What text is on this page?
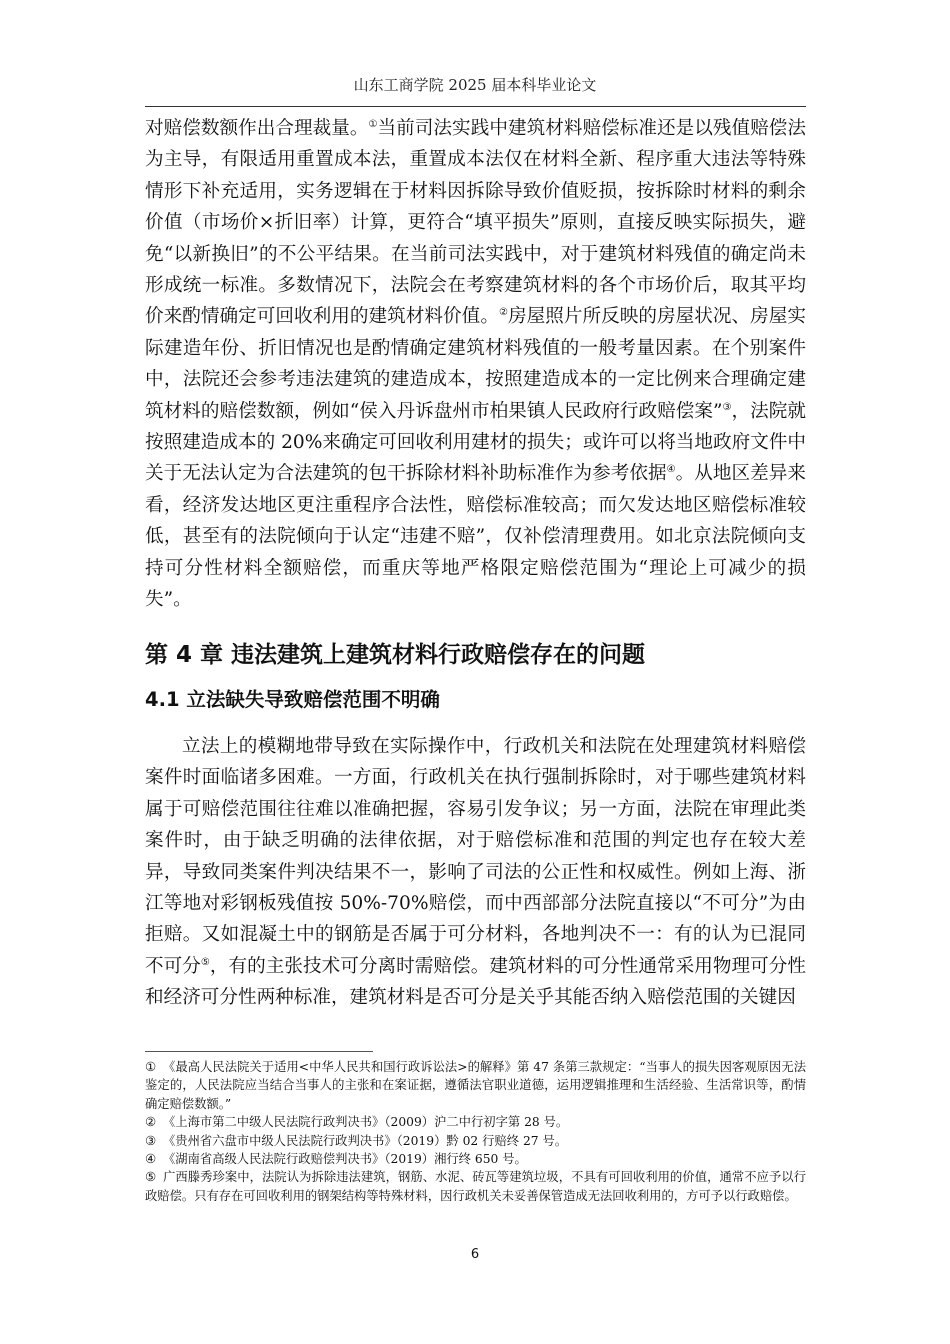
山东工商学院 2025 届本科毕业论文
对赔偿数额作出合理裁量。①当前司法实践中建筑材料赔偿标准还是以残值赔偿法为主导，有限适用重置成本法，重置成本法仅在材料全新、程序重大违法等特殊情形下补充适用，实务逻辑在于材料因拆除导致价值贬损，按拆除时材料的剩余价值（市场价×折旧率）计算，更符合“填平损失”原则，直接反映实际损失，避免“以新换旧”的不公平结果。在当前司法实践中，对于建筑材料残值的确定尚未形成统一标准。多数情况下，法院会在考察建筑材料的各个市场价后，取其平均价来酌情确定可回收利用的建筑材料价值。②房屋照片所反映的房屋状况、房屋实际建造年份、折旧情况也是酌情确定建筑材料残值的一般考量因素。在个别案件中，法院还会参考违法建筑的建造成本，按照建造成本的一定比例来合理确定建筑材料的赔偿数额，例如“侯入丹诉盘州市柏果镇人民政府行政赔偿案”③，法院就按照建造成本的 20%来确定可回收利用建材的损失；或许可以将当地政府文件中关于无法认定为合法建筑的包干拆除材料补助标准作为参考依据④。从地区差异来看，经济发达地区更注重程序合法性，赔偿标准较高；而欠发达地区赔偿标准较低，甚至有的法院倾向于认定“违建不赔”，仅补偿清理费用。如北京法院倾向支持可分性材料全额赔偿，而重庆等地严格限定赔偿范围为“理论上可减少的损失”。
第 4 章 违法建筑上建筑材料行政赔偿存在的问题
4.1 立法缺失导致赔偿范围不明确
立法上的模糊地带导致在实际操作中，行政机关和法院在处理建筑材料赔偿案件时面临诸多困难。一方面，行政机关在执行强制拆除时，对于哪些建筑材料属于可赔偿范围往往难以准确把握，容易引发争议；另一方面，法院在审理此类案件时，由于缺乏明确的法律依据，对于赔偿标准和范围的判定也存在较大差异，导致同类案件判决结果不一，影响了司法的公正性和权威性。例如上海、浙江等地对彩钢板残值按 50%-70%赔偿，而中西部部分法院直接以“不可分”为由拒赔。又如混凝土中的钢筋是否属于可分材料，各地判决不一：有的认为已混同不可分⑤，有的主张技术可分离时需赔偿。建筑材料的可分性通常采用物理可分性和经济可分性两种标准，建筑材料是否可分是关乎其能否纳入赔偿范围的关键因

① 《最高人民法院关于适用<中华人民共和国行政诉讼法>的解释》第 47 条第三款规定：“当事人的损失因客观原因无法鉴定的，人民法院应当结合当事人的主张和在案证据，遵循法官职业道德，运用逻辑推理和生活经验、生活常识等，酌情确定赔偿数额。”

② 《上海市第二中级人民法院行政判决书》（2009）沪二中行初字第 28 号。

③ 《贵州省六盘市中级人民法院行政判决书》（2019）黔 02 行赔终 27 号。

④ 《湖南省高级人民法院行政赔偿判决书》（2019）湘行终 650 号。

⑤ 广西滕秀珍案中，法院认为拆除违法建筑，钢筋、水泥、砖瓦等建筑垃圾，不具有可回收利用的价值，通常不应予以行政赔偿。只有存在可回收利用的钢架结构等特殊材料，因行政机关未妥善保管造成无法回收利用的，方可予以行政赔偿。

6
